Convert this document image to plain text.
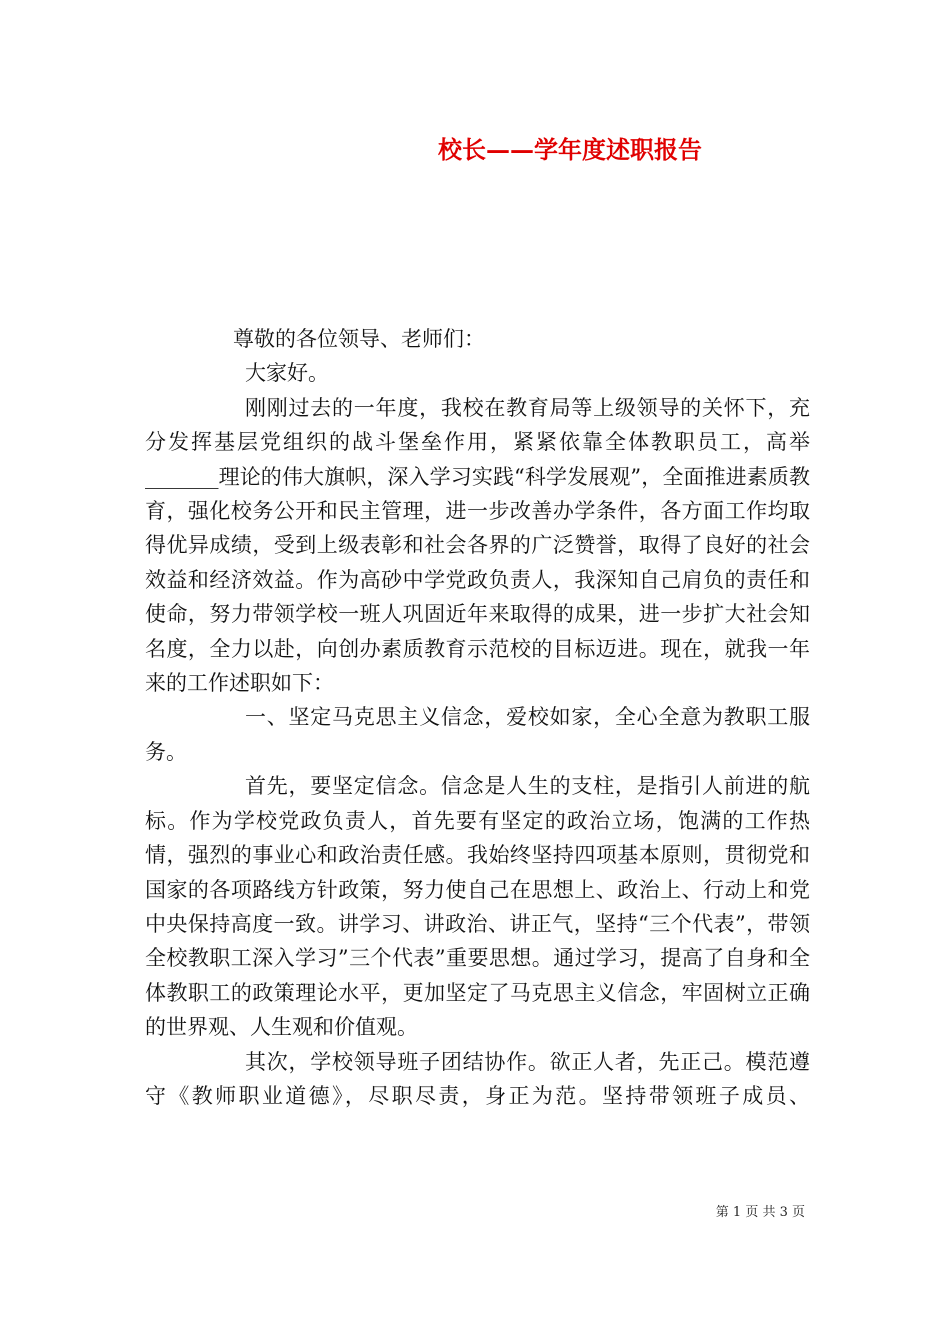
校长——学年度述职报告

尊敬的各位领导、老师们：

大家好。

刚刚过去的一年度，我校在教育局等上级领导的关怀下，充分发挥基层党组织的战斗堡垒作用，紧紧依靠全体教职员工，高举_______理论的伟大旗帜，深入学习实践“科学发展观”，全面推进素质教育，强化校务公开和民主管理，进一步改善办学条件，各方面工作均取得优异成绩，受到上级表彰和社会各界的广泛赞誉，取得了良好的社会效益和经济效益。作为高砂中学党政负责人，我深知自己肩负的责任和使命，努力带领学校一班人巩固近年来取得的成果，进一步扩大社会知名度，全力以赴，向创办素质教育示范校的目标迈进。现在，就我一年来的工作述职如下：

一、坚定马克思主义信念，爱校如家，全心全意为教职工服务。

首先，要坚定信念。信念是人生的支柱，是指引人前进的航标。作为学校党政负责人，首先要有坚定的政治立场，饱满的工作热情，强烈的事业心和政治责任感。我始终坚持四项基本原则，贯彻党和国家的各项路线方针政策，努力使自己在思想上、政治上、行动上和党中央保持高度一致。讲学习、讲政治、讲正气，坚持“三个代表”，带领全校教职工深入学习”三个代表”重要思想。通过学习，提高了自身和全体教职工的政策理论水平，更加坚定了马克思主义信念，牢固树立正确的世界观、人生观和价值观。

其次，学校领导班子团结协作。欲正人者，先正己。模范遵守《教师职业道德》，尽职尽责，身正为范。坚持带领班子成员、

第 1 页 共 3 页
